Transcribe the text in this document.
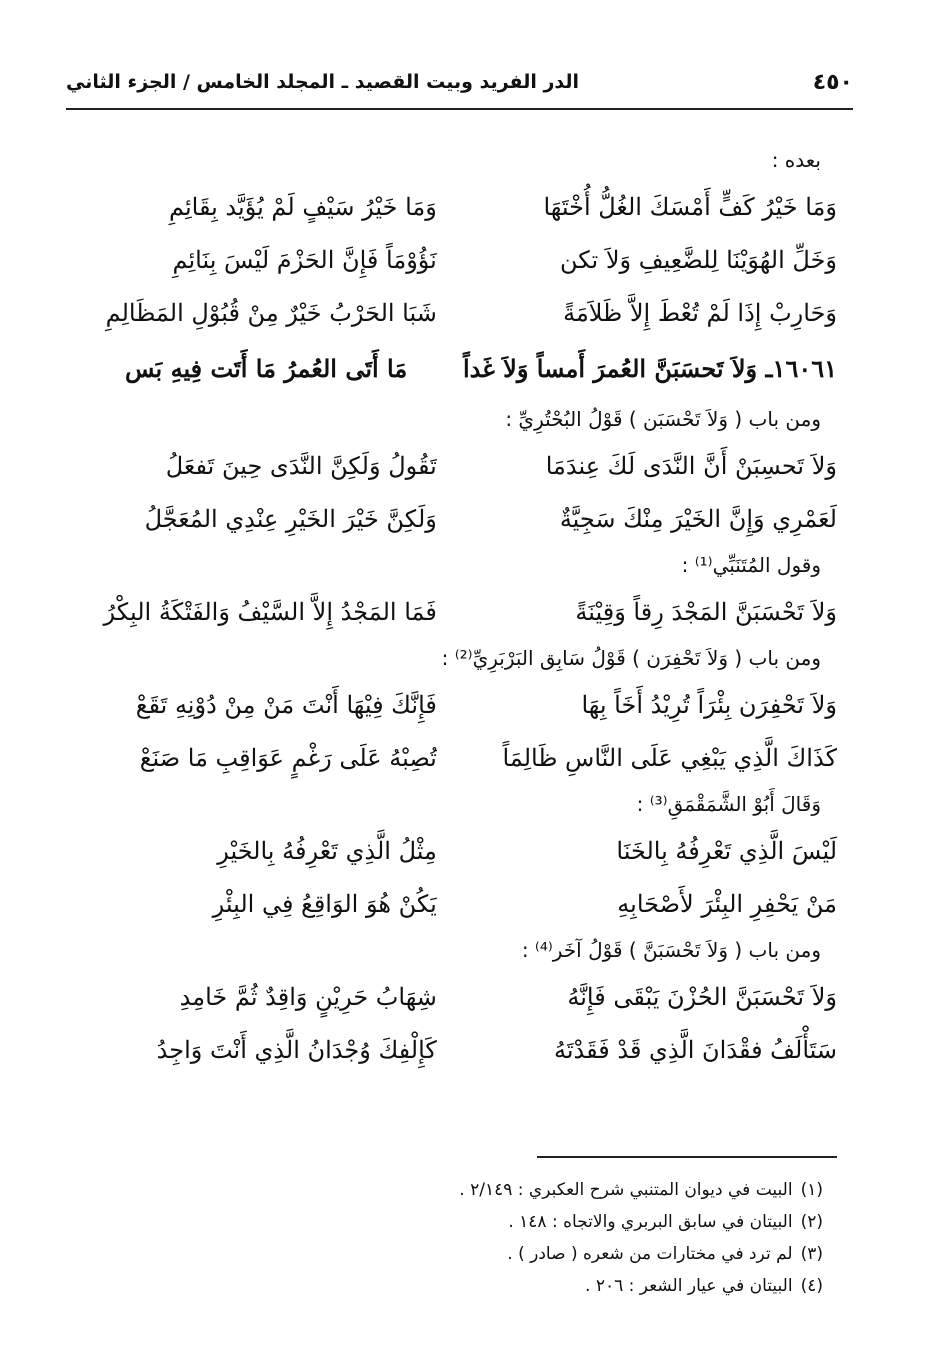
٤٥٠
الدر الفريد وبيت القصيد ـ المجلد الخامس / الجزء الثاني
بعده :
وَمَا خَيْرُ كَفٍّ أَمْسَكَ الغُلُّ أُخْتَهَا
وَمَا خَيْرُ سَيْفٍ لَمْ يُؤَيَّد بِقَائِمِ
وَخَلِّ الهُوَيْنَا لِلضَّعِيفِ وَلاَ تكن
نَؤُوْمَاً فَإِنَّ الحَزْمَ لَيْسَ بِنَائِمِ
وَحَارِبْ إِذَا لَمْ تُعْطَ إِلاَّ ظَلاَمَةً
شَبَا الحَرْبُ خَيْرٌ مِنْ قُبُوْلِ المَظَالِمِ
١٦٠٦١ـ وَلاَ تَحسَبَنَّ العُمرَ أَمساً وَلاَ غَداً
مَا أَتَى العُمرُ مَا أَتَت فِيهِ بَس
ومن باب ( وَلاَ تَحْسَبَن ) قَوْلُ البُحْتُرِيِّ :
وَلاَ تَحسِبَنْ أَنَّ النَّدَى لَكَ عِندَمَا
تَقُولُ وَلَكِنَّ النَّدَى حِينَ تَفعَلُ
لَعَمْرِي وَإِنَّ الخَيْرَ مِنْكَ سَجِيَّةٌ
وَلَكِنَّ خَيْرَ الخَيْرِ عِنْدِي المُعَجَّلُ
وقول المُتَنَبِّي⁽¹⁾ :
وَلاَ تَحْسَبَنَّ المَجْدَ رِقاً وَقِيْنَةً
فَمَا المَجْدُ إِلاَّ السَّيْفُ وَالفَتْكَةُ البِكْرُ
ومن باب ( وَلاَ تَحْفِرَن ) قَوْلُ سَابِق البَرْبَرِيِّ⁽²⁾ :
وَلاَ تَحْفِرَن بِئْرَاً تُرِيْدُ أَخَاً بِهَا
فَإِنَّكَ فِيْهَا أَنْتَ مَنْ مِنْ دُوْنِهِ تَقَعْ
كَذَاكَ الَّذِي يَبْغِي عَلَى النَّاسِ ظَالِمَاً
تُصِبْهُ عَلَى رَغْمٍ عَوَاقِبِ مَا صَنَعْ
وَقَالَ أَبُوْ الشَّمَقْمَقِ⁽³⁾ :
لَيْسَ الَّذِي تَعْرِفُهُ بِالخَنَا
مِثْلُ الَّذِي تَعْرِفُهُ بِالخَيْرِ
مَنْ يَحْفِرِ البِئْرَ لأَصْحَابِهِ
يَكُنْ هُوَ الوَاقِعُ فِي البِئْرِ
ومن باب ( وَلاَ تَحْسَبَنَّ ) قَوْلُ آخَر⁽⁴⁾ :
وَلاَ تَحْسَبَنَّ الحُزْنَ يَبْقَى فَإِنَّهُ
شِهَابُ حَرِيْنٍ وَاقِدٌ ثُمَّ خَامِدِ
سَتَأْلَفُ فقْدَانَ الَّذِي قَدْ فَقَدْتَهُ
كَإِلْفِكَ وُجْدَانُ الَّذِي أَنْتَ وَاجِدُ
(١)
البيت في ديوان المتنبي شرح العكبري : ٢/١٤٩ .
(٢)
البيتان في سابق البربري والاتجاه : ١٤٨ .
(٣)
لم ترد في مختارات من شعره ( صادر ) .
(٤)
البيتان في عيار الشعر : ٢٠٦ .
